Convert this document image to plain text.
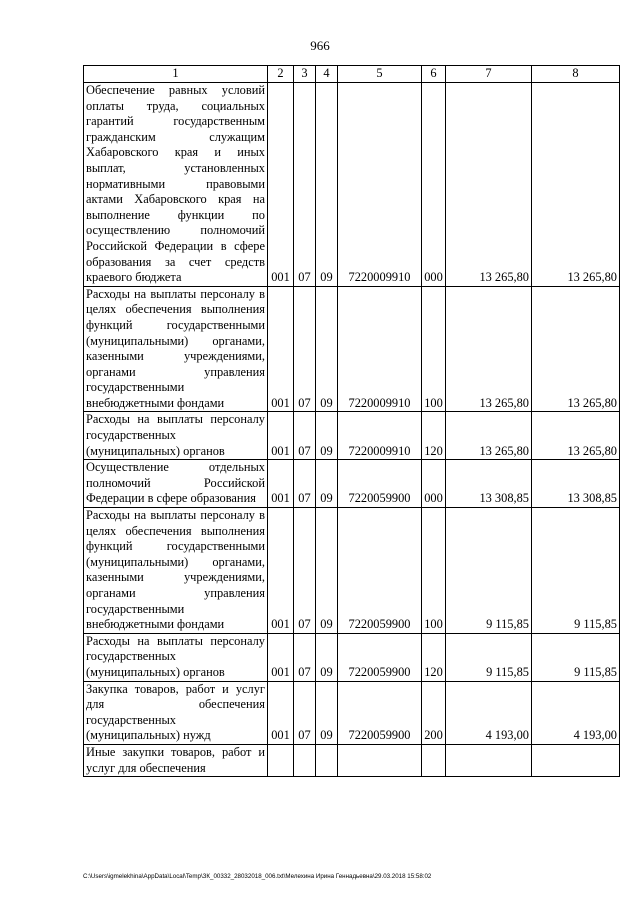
966
1	2	3	4	5	6	7	8
Обеспечение равных условий оплаты труда, социальных гарантий государственным гражданским служащим Хабаровского края и иных выплат, установленных нормативными правовыми актами Хабаровского края на выполнение функции по осуществлению полномочий Российской Федерации в сфере образования за счет средств краевого бюджета	001	07	09	7220009910	000	13 265,80	13 265,80
Расходы на выплаты персоналу в целях обеспечения выполнения функций государственными (муниципальными) органами, казенными учреждениями, органами управления государственными внебюджетными фондами	001	07	09	7220009910	100	13 265,80	13 265,80
Расходы на выплаты персоналу государственных (муниципальных) органов	001	07	09	7220009910	120	13 265,80	13 265,80
Осуществление отдельных полномочий Российской Федерации в сфере образования	001	07	09	7220059900	000	13 308,85	13 308,85
Расходы на выплаты персоналу в целях обеспечения выполнения функций государственными (муниципальными) органами, казенными учреждениями, органами управления государственными внебюджетными фондами	001	07	09	7220059900	100	9 115,85	9 115,85
Расходы на выплаты персоналу государственных (муниципальных) органов	001	07	09	7220059900	120	9 115,85	9 115,85
Закупка товаров, работ и услуг для обеспечения государственных (муниципальных) нужд	001	07	09	7220059900	200	4 193,00	4 193,00
Иные закупки товаров, работ и услуг для обеспечения							
C:\Users\igmelekhina\AppData\Local\Temp\ЗК_00332_28032018_006.txt\Мелехина Ирина Геннадьевна\29.03.2018 15:58:02
